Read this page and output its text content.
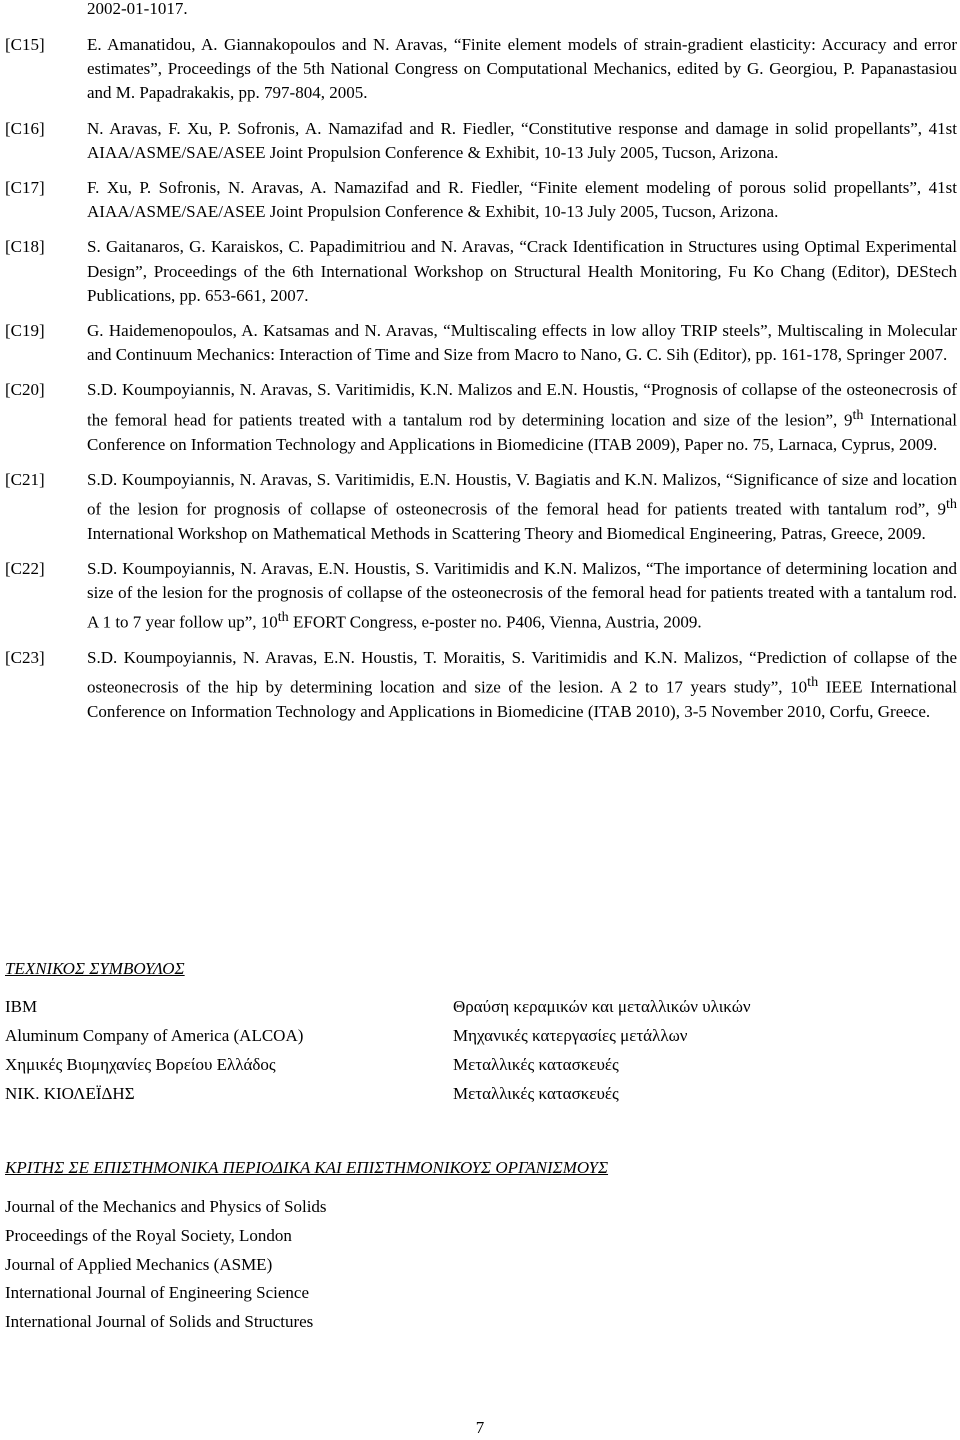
2002-01-1017.
[C15] E. Amanatidou, A. Giannakopoulos and N. Aravas, “Finite element models of strain-gradient elasticity: Accuracy and error estimates”, Proceedings of the 5th National Congress on Computational Mechanics, edited by G. Georgiou, P. Papanastasiou and M. Papadrakakis, pp. 797-804, 2005.
[C16] N. Aravas, F. Xu, P. Sofronis, A. Namazifad and R. Fiedler, “Constitutive response and damage in solid propellants”, 41st AIAA/ASME/SAE/ASEE Joint Propulsion Conference & Exhibit, 10-13 July 2005, Tucson, Arizona.
[C17] F. Xu, P. Sofronis, N. Aravas, A. Namazifad and R. Fiedler, “Finite element modeling of porous solid propellants”, 41st AIAA/ASME/SAE/ASEE Joint Propulsion Conference & Exhibit, 10-13 July 2005, Tucson, Arizona.
[C18] S. Gaitanaros, G. Karaiskos, C. Papadimitriou and N. Aravas, “Crack Identification in Structures using Optimal Experimental Design”, Proceedings of the 6th International Workshop on Structural Health Monitoring, Fu Ko Chang (Editor), DEStech Publications, pp. 653-661, 2007.
[C19] G. Haidemenopoulos, A. Katsamas and N. Aravas, “Multiscaling effects in low alloy TRIP steels”, Multiscaling in Molecular and Continuum Mechanics: Interaction of Time and Size from Macro to Nano, G. C. Sih (Editor), pp. 161-178, Springer 2007.
[C20] S.D. Koumpoyiannis, N. Aravas, S. Varitimidis, K.N. Malizos and E.N. Houstis, “Prognosis of collapse of the osteonecrosis of the femoral head for patients treated with a tantalum rod by determining location and size of the lesion”, 9th International Conference on Information Technology and Applications in Biomedicine (ITAB 2009), Paper no. 75, Larnaca, Cyprus, 2009.
[C21] S.D. Koumpoyiannis, N. Aravas, S. Varitimidis, E.N. Houstis, V. Bagiatis and K.N. Malizos, “Significance of size and location of the lesion for prognosis of collapse of osteonecrosis of the femoral head for patients treated with tantalum rod”, 9th International Workshop on Mathematical Methods in Scattering Theory and Biomedical Engineering, Patras, Greece, 2009.
[C22] S.D. Koumpoyiannis, N. Aravas, E.N. Houstis, S. Varitimidis and K.N. Malizos, “The importance of determining location and size of the lesion for the prognosis of collapse of the osteonecrosis of the femoral head for patients treated with a tantalum rod. A 1 to 7 year follow up”, 10th EFORT Congress, e-poster no. P406, Vienna, Austria, 2009.
[C23] S.D. Koumpoyiannis, N. Aravas, E.N. Houstis, T. Moraitis, S. Varitimidis and K.N. Malizos, “Prediction of collapse of the osteonecrosis of the hip by determining location and size of the lesion. A 2 to 17 years study”, 10th IEEE International Conference on Information Technology and Applications in Biomedicine (ITAB 2010), 3-5 November 2010, Corfu, Greece.
ΤΕΧΝΙΚΟΣ ΣΥΜΒΟΥΛΟΣ
IBM	Θραύση κεραμικών και μεταλλικών υλικών
Aluminum Company of America (ALCOA)	Μηχανικές κατεργασίες μετάλλων
Χημικές Βιομηχανίες Βορείου Ελλάδος	Μεταλλικές κατασκευές
ΝΙΚ. ΚΙΟΛΕΪΔΗΣ	Μεταλλικές κατασκευές
ΚΡΙΤΗΣ ΣΕ ΕΠΙΣΤΗΜΟΝΙΚΑ ΠΕΡΙΟΔΙΚΑ ΚΑΙ ΕΠΙΣΤΗΜΟΝΙΚΟΥΣ ΟΡΓΑΝΙΣΜΟΥΣ
Journal of the Mechanics and Physics of Solids
Proceedings of the Royal Society, London
Journal of Applied Mechanics (ASME)
International Journal of Engineering Science
International Journal of Solids and Structures
7
